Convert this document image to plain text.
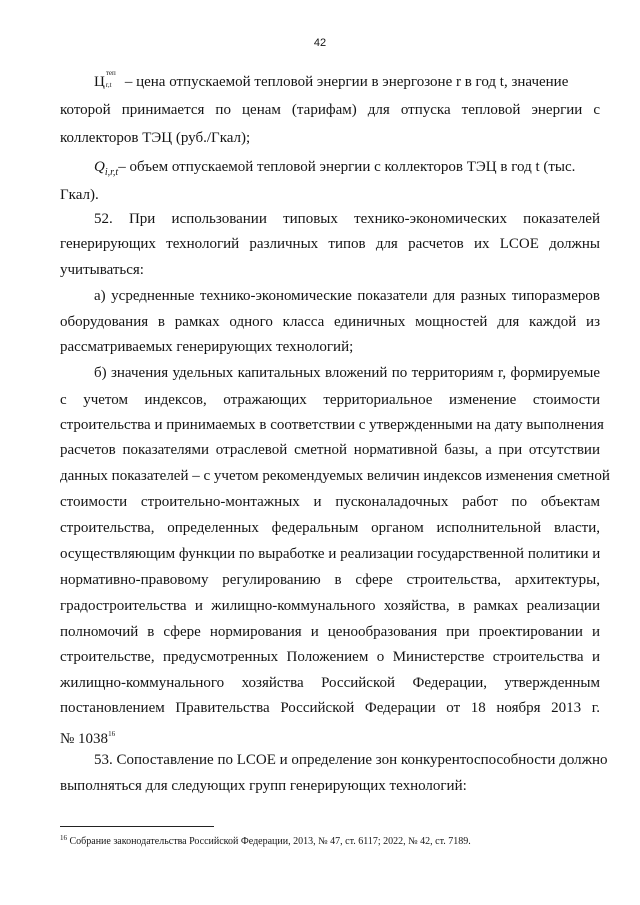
42
Ц
теп
r,t – цена отпускаемой тепловой энергии в энергозоне r в год t, значение
которой принимается по ценам (тарифам) для отпуска тепловой энергии с
коллекторов ТЭЦ (руб./Гкал);
$Q_{i,r,t}-$ объем отпускаемой тепловой энергии с коллекторов ТЭЦ в год t (тыс.
Гкал).
52. При использовании типовых технико-экономических показателей
генерирующих технологий различных типов для расчетов их LCOE должны
учитываться:
а) усредненные технико-экономические показатели для разных типоразмеров
оборудования в рамках одного класса единичных мощностей для каждой из
рассматриваемых генерирующих технологий;
б) значения удельных капитальных вложений по территориям r, формируемые
с учетом индексов, отражающих территориальное изменение стоимости
строительства и принимаемых в соответствии с утвержденными на дату выполнения
расчетов показателями отраслевой сметной нормативной базы, а при отсутствии
данных показателей – с учетом рекомендуемых величин индексов изменения сметной
стоимости строительно-монтажных и пусконаладочных работ по объектам
строительства, определенных федеральным органом исполнительной власти,
осуществляющим функции по выработке и реализации государственной политики и
нормативно-правовому регулированию в сфере строительства, архитектуры,
градостроительства и жилищно-коммунального хозяйства, в рамках реализации
полномочий в сфере нормирования и ценообразования при проектировании и
строительстве, предусмотренных Положением о Министерстве строительства и
жилищно-коммунального хозяйства Российской Федерации, утвержденным
постановлением Правительства Российской Федерации от 18 ноября 2013 г.
№ 1038$^{16}$
53. Сопоставление по LCOE и определение зон конкурентоспособности должно
выполняться для следующих групп генерирующих технологий:
$^{16}$ Собрание законодательства Российской Федерации, 2013, № 47, ст. 6117; 2022, № 42, ст. 7189.
